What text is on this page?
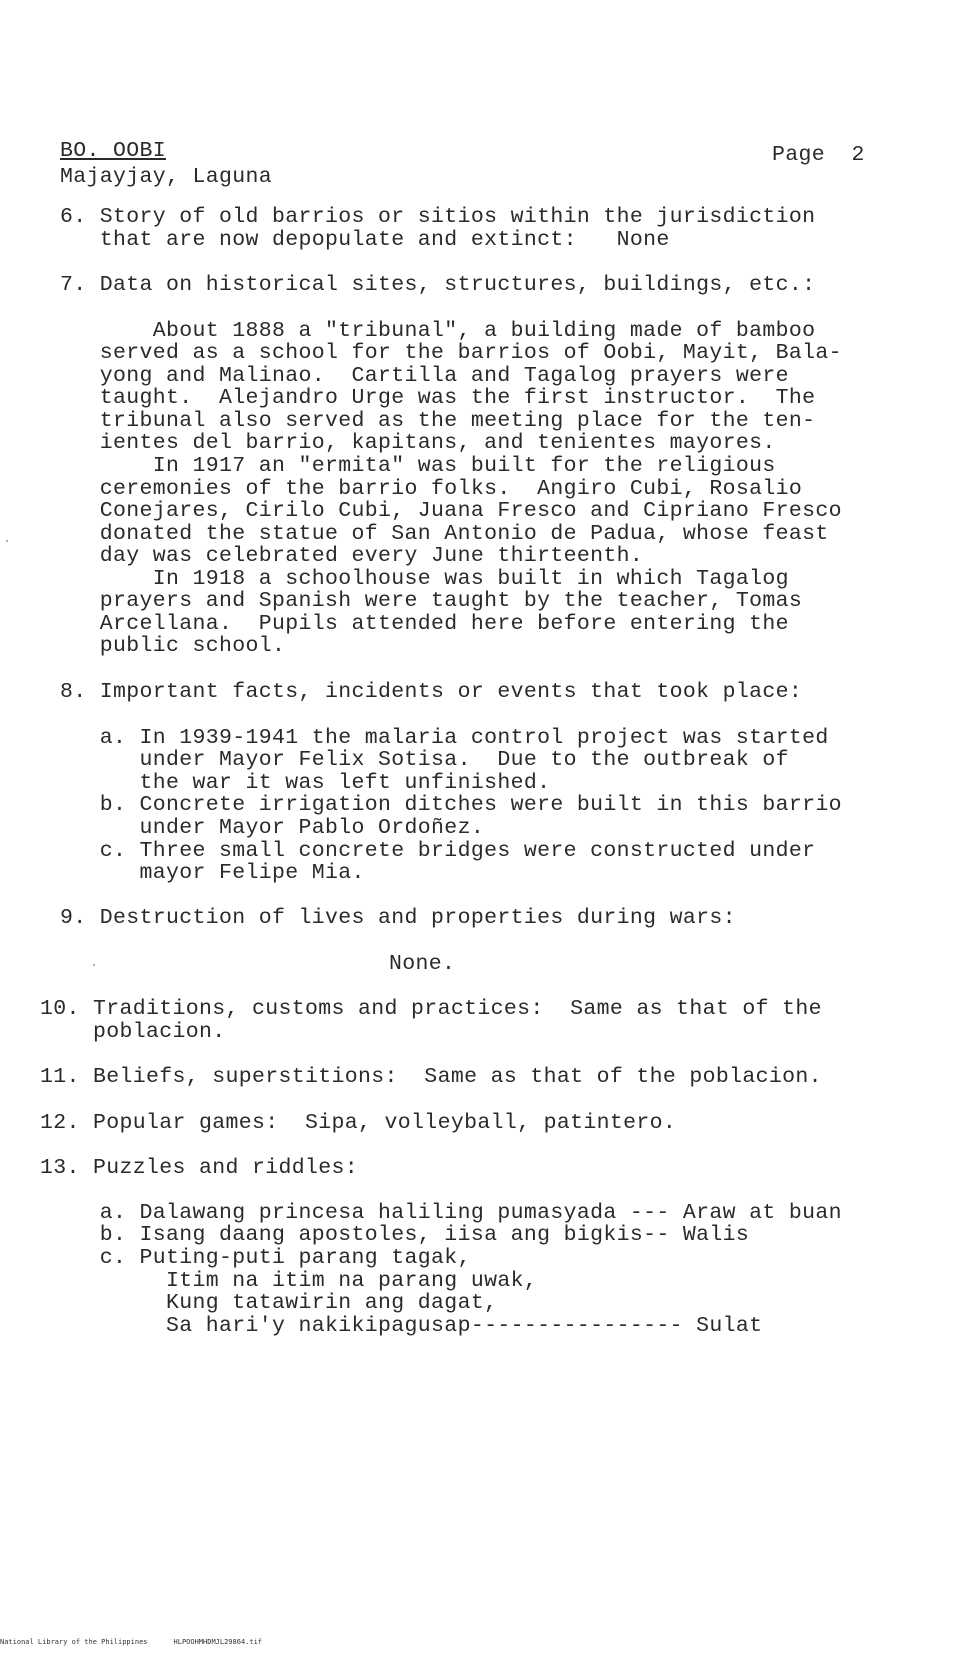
BO. OOBI
Majayjay, Laguna
Page  2
6. Story of old barrios or sitios within the jurisdiction
that are now depopulate and extinct:   None
7. Data on historical sites, structures, buildings, etc.:
About 1888 a "tribunal", a building made of bamboo
served as a school for the barrios of Oobi, Mayit, Bala-
yong and Malinao.  Cartilla and Tagalog prayers were
taught.  Alejandro Urge was the first instructor.  The
tribunal also served as the meeting place for the ten-
ientes del barrio, kapitans, and tenientes mayores.
In 1917 an "ermita" was built for the religious
ceremonies of the barrio folks.  Angiro Cubi, Rosalio
Conejares, Cirilo Cubi, Juana Fresco and Cipriano Fresco
donated the statue of San Antonio de Padua, whose feast
day was celebrated every June thirteenth.
In 1918 a schoolhouse was built in which Tagalog
prayers and Spanish were taught by the teacher, Tomas
Arcellana.  Pupils attended here before entering the
public school.
8. Important facts, incidents or events that took place:
a. In 1939-1941 the malaria control project was started
under Mayor Felix Sotisa.  Due to the outbreak of
the war it was left unfinished.
b. Concrete irrigation ditches were built in this barrio
under Mayor Pablo Ordoñez.
c. Three small concrete bridges were constructed under
mayor Felipe Mia.
9. Destruction of lives and properties during wars:
None.
10. Traditions, customs and practices:  Same as that of the
poblacion.
11. Beliefs, superstitions:  Same as that of the poblacion.
12. Popular games:  Sipa, volleyball, patintero.
13. Puzzles and riddles:
a. Dalawang princesa haliling pumasyada --- Araw at buan
b. Isang daang apostoles, iisa ang bigkis-- Walis
c. Puting-puti parang tagak,
Itim na itim na parang uwak,
Kung tatawirin ang dagat,
Sa hari'y nakikipagusap---------------- Sulat
National Library of the Philippines	HLPOOHMHDMJL29864.tif
